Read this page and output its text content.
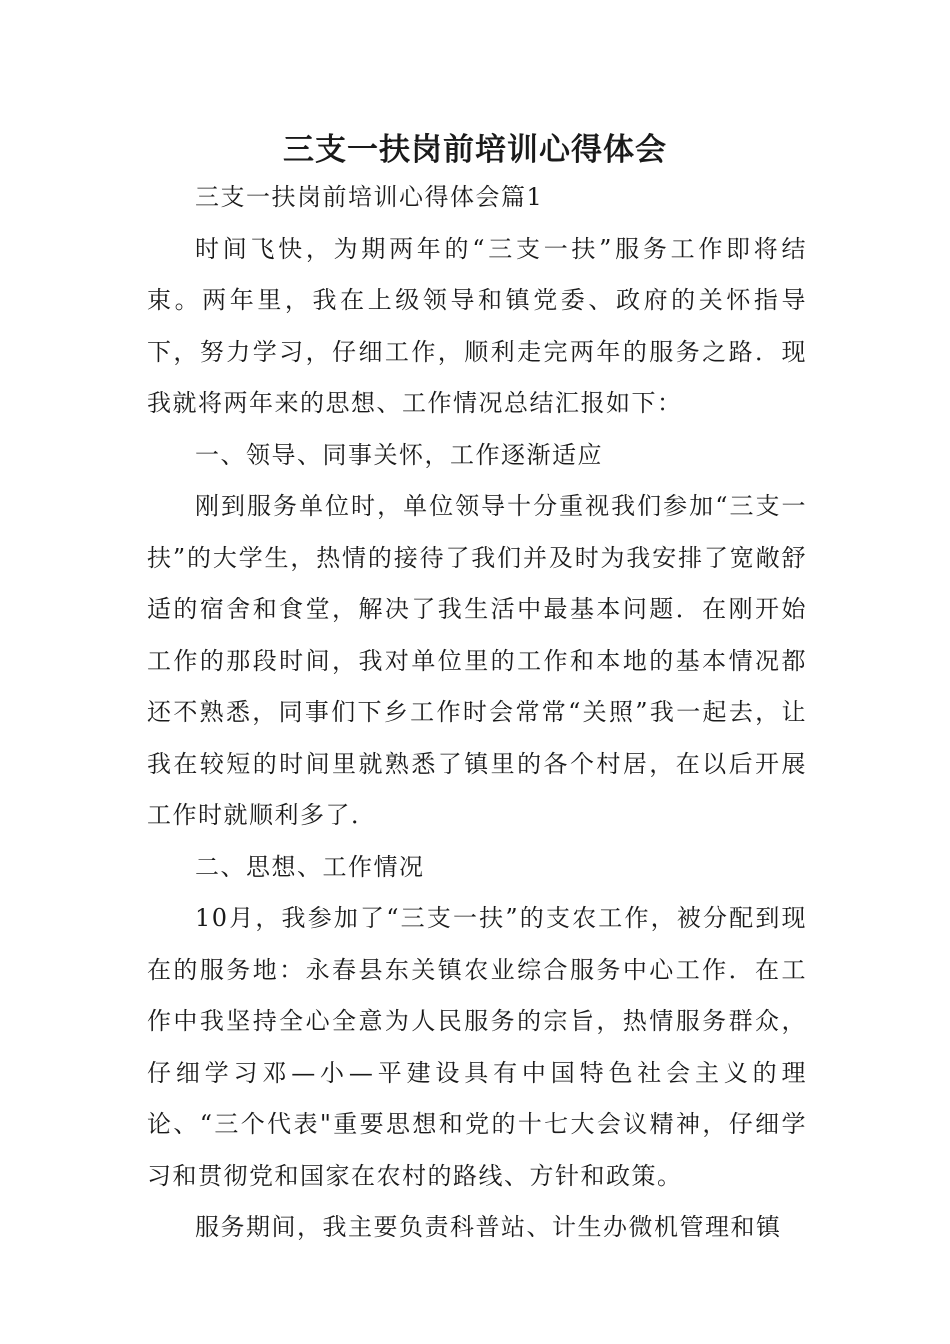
三支一扶岗前培训心得体会

三支一扶岗前培训心得体会篇1

时间飞快，为期两年的“三支一扶”服务工作即将结束。两年里，我在上级领导和镇党委、政府的关怀指导下，努力学习，仔细工作，顺利走完两年的服务之路．现我就将两年来的思想、工作情况总结汇报如下：

一、领导、同事关怀，工作逐渐适应

刚到服务单位时，单位领导十分重视我们参加“三支一扶”的大学生，热情的接待了我们并及时为我安排了宽敞舒适的宿舍和食堂，解决了我生活中最基本问题．在刚开始工作的那段时间，我对单位里的工作和本地的基本情况都还不熟悉，同事们下乡工作时会常常“关照”我一起去，让我在较短的时间里就熟悉了镇里的各个村居，在以后开展工作时就顺利多了．

二、思想、工作情况

10月，我参加了“三支一扶”的支农工作，被分配到现在的服务地：永春县东关镇农业综合服务中心工作．在工作中我坚持全心全意为人民服务的宗旨，热情服务群众，仔细学习邓—小—平建设具有中国特色社会主义的理论、“三个代表"重要思想和党的十七大会议精神，仔细学习和贯彻党和国家在农村的路线、方针和政策。

服务期间，我主要负责科普站、计生办微机管理和镇
